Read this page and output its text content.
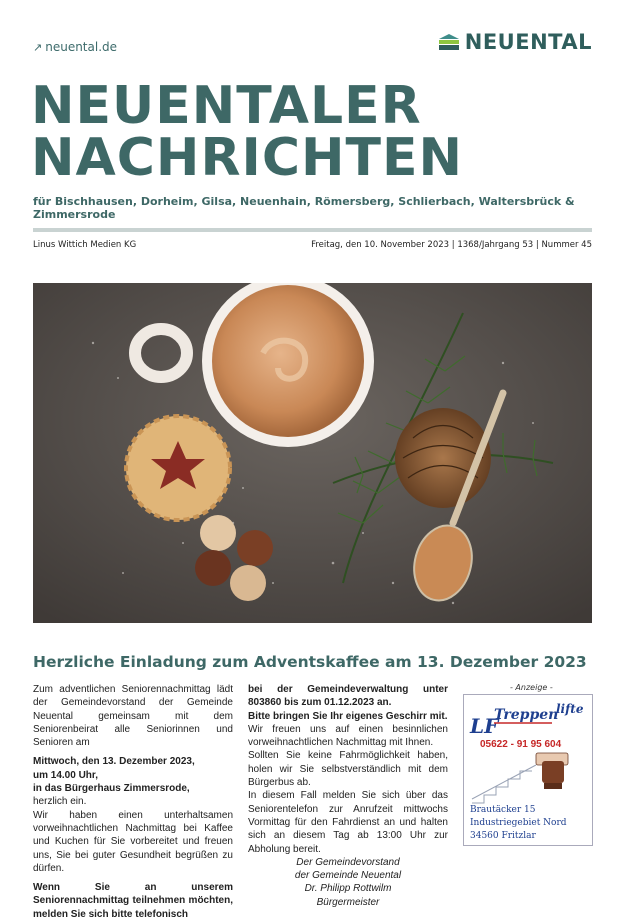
↗ neuental.de	NEUENTAL
NEUENTALER
NACHRICHTEN
für Bischhausen, Dorheim, Gilsa, Neuenhain, Römersberg, Schlierbach, Waltersbrück & Zimmersrode
Linus Wittich Medien KG	Freitag, den 10. November 2023 | 1368/Jahrgang 53 | Nummer 45
Herzliche Einladung zum Adventskaffee am 13. Dezember 2023

Zum adventlichen Seniorennachmittag lädt der Gemeindevorstand der Gemeinde Neuental gemeinsam mit dem Seniorenbeirat alle Seniorinnen und Senioren am

Mittwoch, den 13. Dezember 2023,

um 14.00 Uhr,

in das Bürgerhaus Zimmersrode,

herzlich ein.

Wir haben einen unterhaltsamen vorweihnachtlichen Nachmittag bei Kaffee und Kuchen für Sie vorbereitet und freuen uns, Sie bei guter Gesundheit begrüßen zu dürfen.

Wenn Sie an unserem Seniorennachmittag teilnehmen möchten, melden Sie sich bitte telefonisch

bei der Gemeindeverwaltung unter 803860 bis zum 01.12.2023 an.

Bitte bringen Sie Ihr eigenes Geschirr mit.

Wir freuen uns auf einen besinnlichen vorweihnachtlichen Nachmittag mit Ihnen.

Sollten Sie keine Fahrmöglichkeit haben, holen wir Sie selbstverständlich mit dem Bürgerbus ab.

In diesem Fall melden Sie sich über das Seniorentelefon zur Anrufzeit mittwochs Vormittag für den Fahrdienst an und halten sich an diesem Tag ab 13:00 Uhr zur Abholung bereit.

Der Gemeindevorstand

der Gemeinde Neuental

Dr. Philipp Rottwilm

Bürgermeister

- Anzeige -
LF
Treppen
lifte
05622 - 91 95 604
Brautäcker 15
Industriegebiet Nord
34560 Fritzlar
